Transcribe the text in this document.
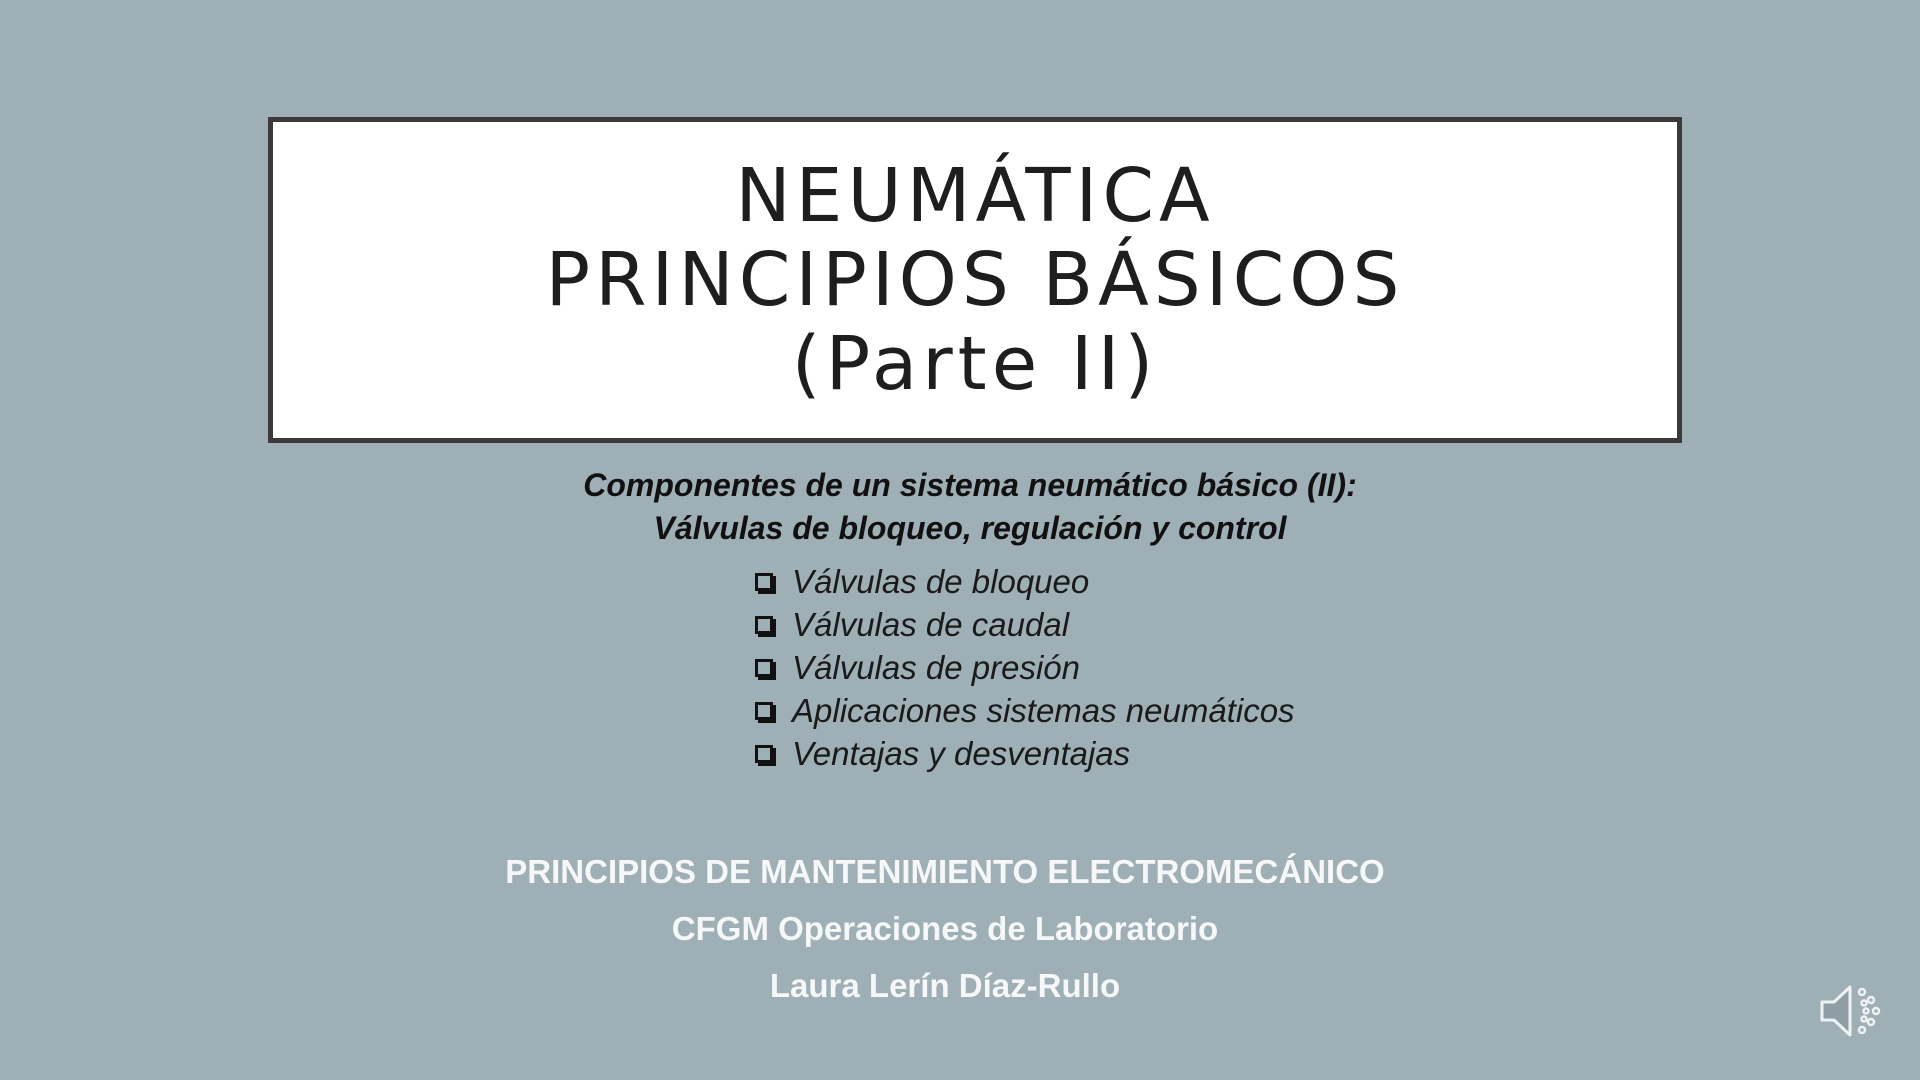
NEUMÁTICA
PRINCIPIOS BÁSICOS
(Parte II)
Componentes de un sistema neumático básico (II):
Válvulas de bloqueo, regulación y control
Válvulas de bloqueo
Válvulas de caudal
Válvulas de presión
Aplicaciones sistemas neumáticos
Ventajas y desventajas
PRINCIPIOS DE MANTENIMIENTO ELECTROMECÁNICO
CFGM Operaciones de Laboratorio
Laura Lerín Díaz-Rullo
